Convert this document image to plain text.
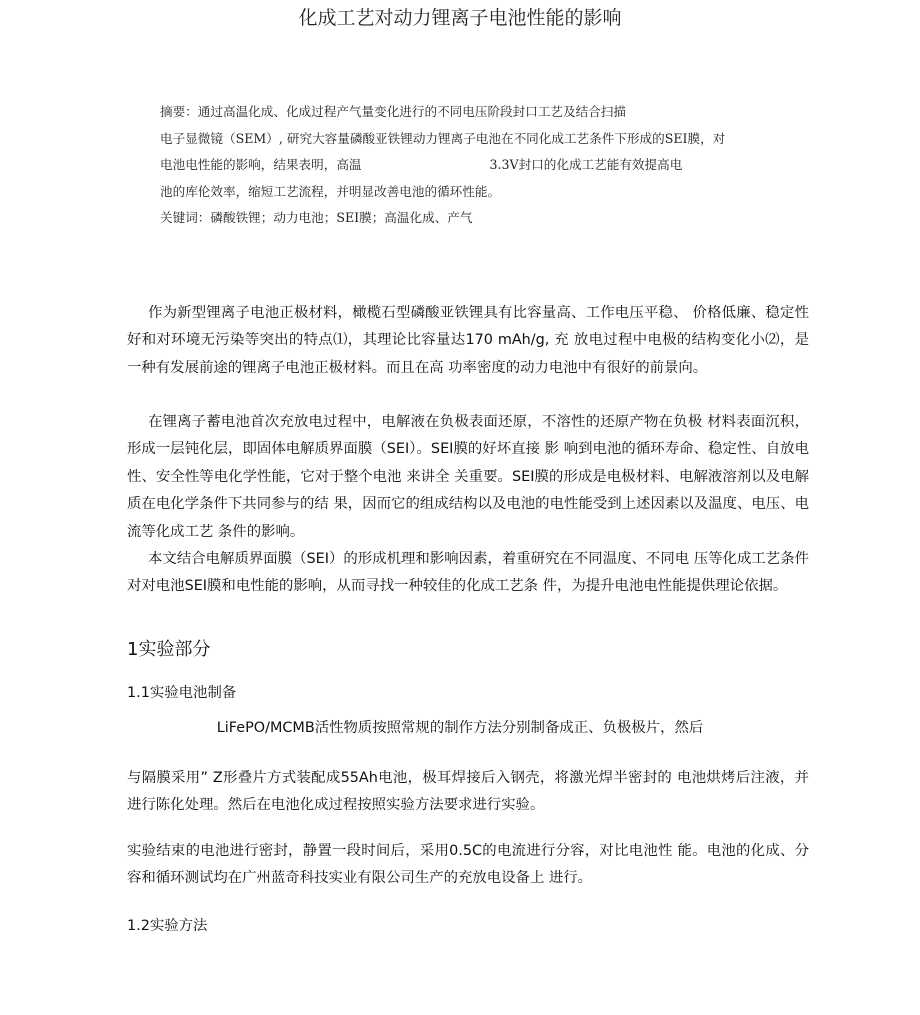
化成工艺对动力锂离子电池性能的影响
摘要：通过高温化成、化成过程产气量变化进行的不同电压阶段封口工艺及结合扫描
电子显微镜（SEM）, 研究大容量磷酸亚铁锂动力锂离子电池在不同化成工艺条件下形成的SEI膜，对
电池电性能的影响，结果表明，高温	3.3V封口的化成工艺能有效提高电
池的库伦效率，缩短工艺流程，并明显改善电池的循环性能。
关键词：磷酸铁锂；动力电池；SEI膜；高温化成、产气

作为新型锂离子电池正极材料，橄榄石型磷酸亚铁锂具有比容量高、工作电压平稳、 价格低廉、稳定性好和对环境无污染等突出的特点⑴，其理论比容量达170 mAh/g, 充 放电过程中电极的结构变化小⑵，是一种有发展前途的锂离子电池正极材料。而且在高 功率密度的动力电池中有很好的前景向。

在锂离子蓄电池首次充放电过程中，电解液在负极表面还原，不溶性的还原产物在负极 材料表面沉积，形成一层钝化层，即固体电解质界面膜（SEI）。SEI膜的好坏直接 影 响到电池的循环寿命、稳定性、自放电性、安全性等电化学性能，它对于整个电池 来讲全 关重要。SEI膜的形成是电极材料、电解液溶剂以及电解质在电化学条件下共同参与的结 果，因而它的组成结构以及电池的电性能受到上述因素以及温度、电压、电流等化成工艺 条件的影响。

本文结合电解质界面膜（SEI）的形成机理和影响因素，着重研究在不同温度、不同电 压等化成工艺条件对对电池SEI膜和电性能的影响，从而寻找一种较佳的化成工艺条 件，为提升电池电性能提供理论依据。

1实验部分
1.1实验电池制备
LiFePO/MCMB活性物质按照常规的制作方法分别制备成正、负极极片，然后

与隔膜采用” Z形叠片方式装配成55Ah电池，极耳焊接后入钢壳，将激光焊半密封的 电池烘烤后注液，并进行陈化处理。然后在电池化成过程按照实验方法要求进行实验。

实验结束的电池进行密封，静置一段时间后，采用0.5C的电流进行分容，对比电池性 能。电池的化成、分容和循环测试均在广州蓝奇科技实业有限公司生产的充放电设备上 进行。

1.2实验方法
